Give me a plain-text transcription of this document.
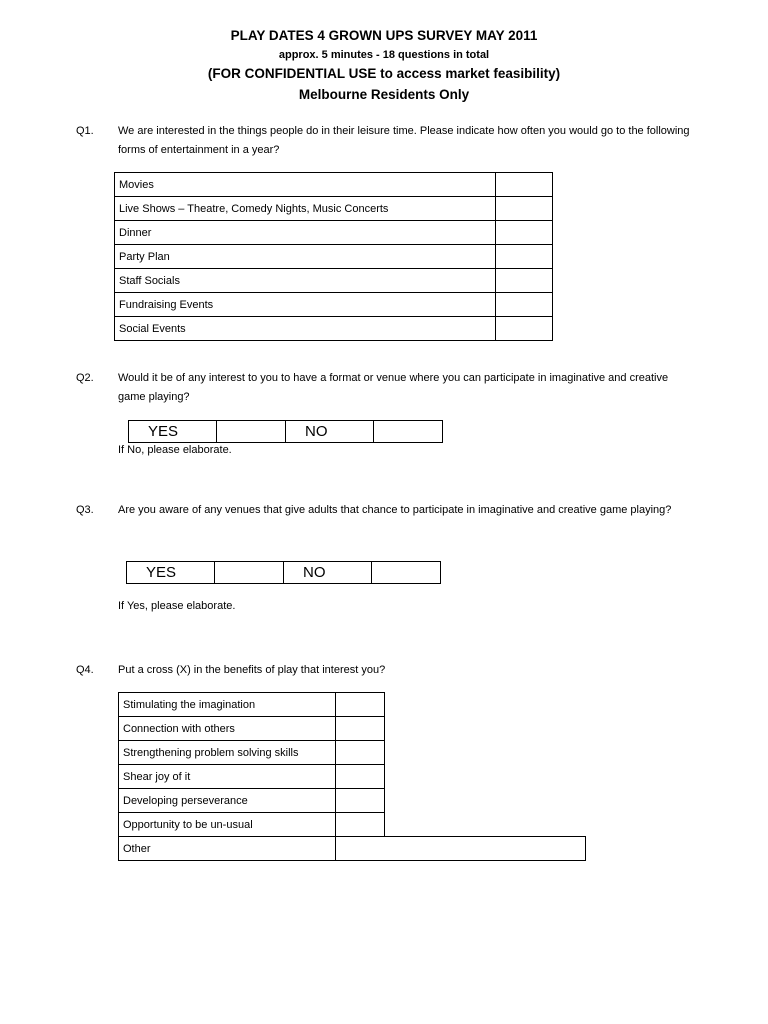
PLAY DATES 4 GROWN UPS SURVEY MAY 2011
approx. 5 minutes - 18 questions in total
(FOR CONFIDENTIAL USE to access market feasibility)
Melbourne Residents Only
Q1. We are interested in the things people do in their leisure time. Please indicate how often you would go to the following forms of entertainment in a year?
Movies	
Live Shows – Theatre, Comedy Nights, Music Concerts	
Dinner	
Party Plan	
Staff Socials	
Fundraising Events	
Social Events	
Q2. Would it be of any interest to you to have a format or venue where you can participate in imaginative and creative game playing?
YES		NO	
If No, please elaborate.
Q3. Are you aware of any venues that give adults that chance to participate in imaginative and creative game playing?
YES		NO	
If Yes, please elaborate.
Q4. Put a cross (X) in the benefits of play that interest you?
Stimulating the imagination		
Connection with others		
Strengthening problem solving skills		
Shear joy of it		
Developing perseverance		
Opportunity to be un-usual		
Other		
